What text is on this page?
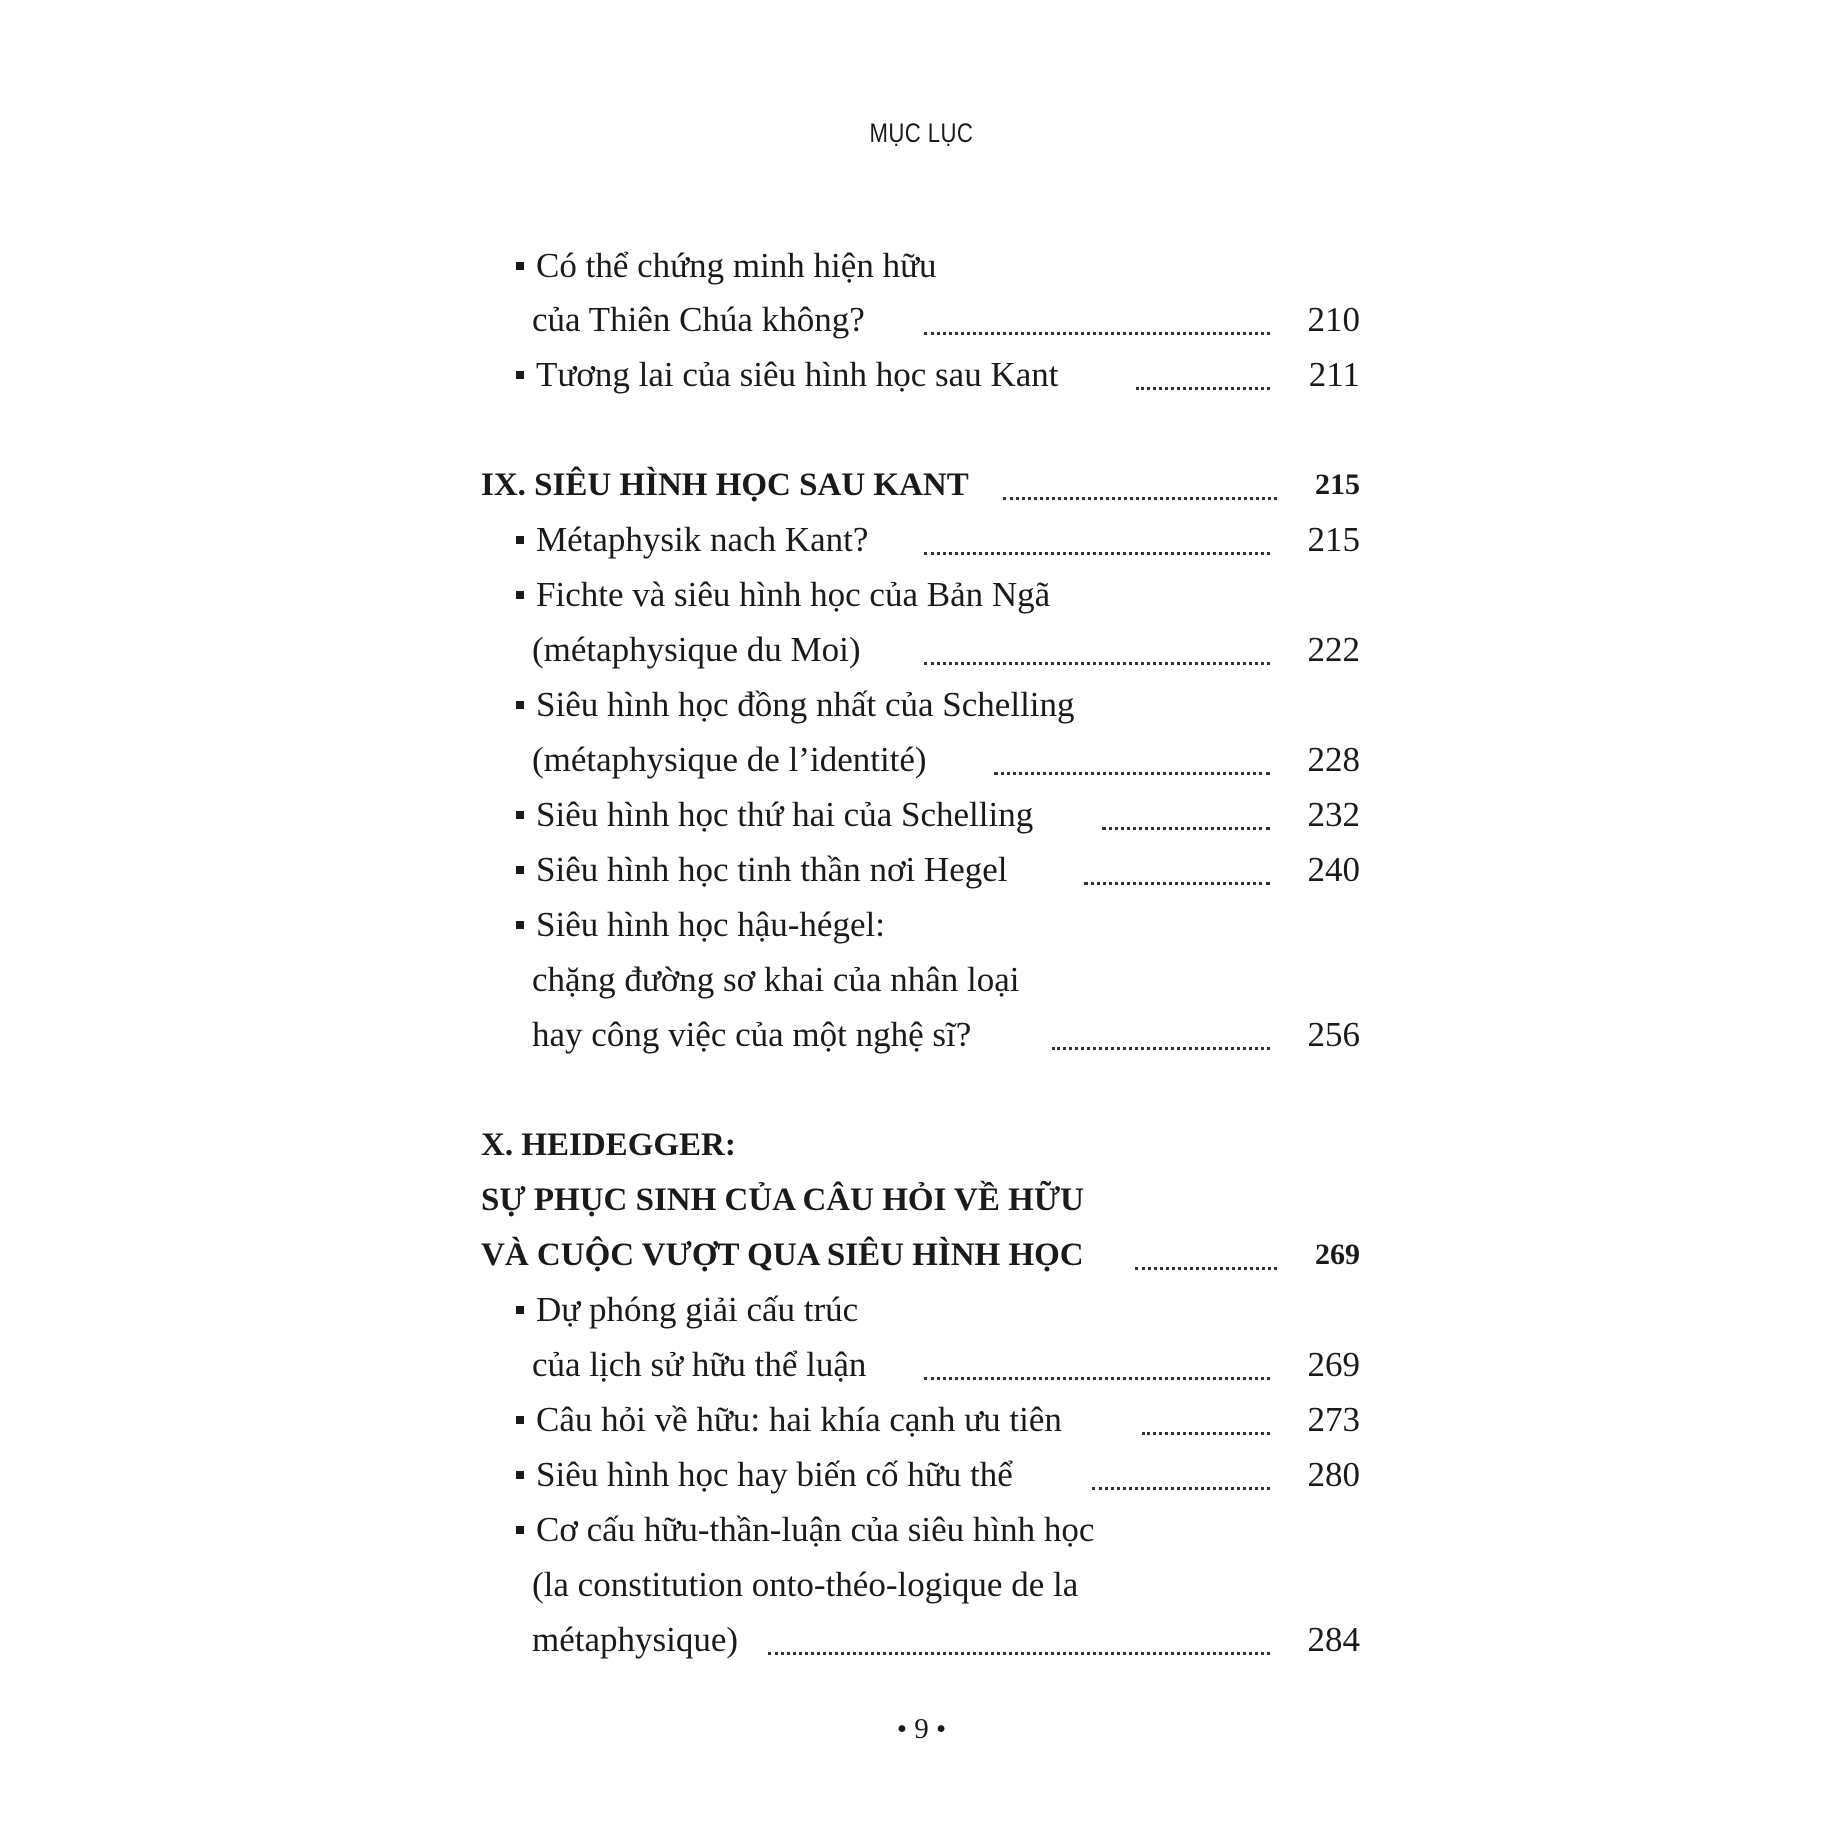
MỤC LỤC
Có thể chứng minh hiện hữu
của Thiên Chúa không?	210
Tương lai của siêu hình học sau Kant	211
IX. SIÊU HÌNH HỌC SAU KANT	215
Métaphysik nach Kant?	215
Fichte và siêu hình học của Bản Ngã
(métaphysique du Moi)	222
Siêu hình học đồng nhất của Schelling
(métaphysique de l’identité)	228
Siêu hình học thứ hai của Schelling	232
Siêu hình học tinh thần nơi Hegel	240
Siêu hình học hậu-hégel:
chặng đường sơ khai của nhân loại
hay công việc của một nghệ sĩ?	256
X. HEIDEGGER:
SỰ PHỤC SINH CỦA CÂU HỎI VỀ HỮU
VÀ CUỘC VƯỢT QUA SIÊU HÌNH HỌC	269
Dự phóng giải cấu trúc
của lịch sử hữu thể luận	269
Câu hỏi về hữu: hai khía cạnh ưu tiên	273
Siêu hình học hay biến cố hữu thể	280
Cơ cấu hữu-thần-luận của siêu hình học
(la constitution onto-théo-logique de la
métaphysique)	284
• 9 •
